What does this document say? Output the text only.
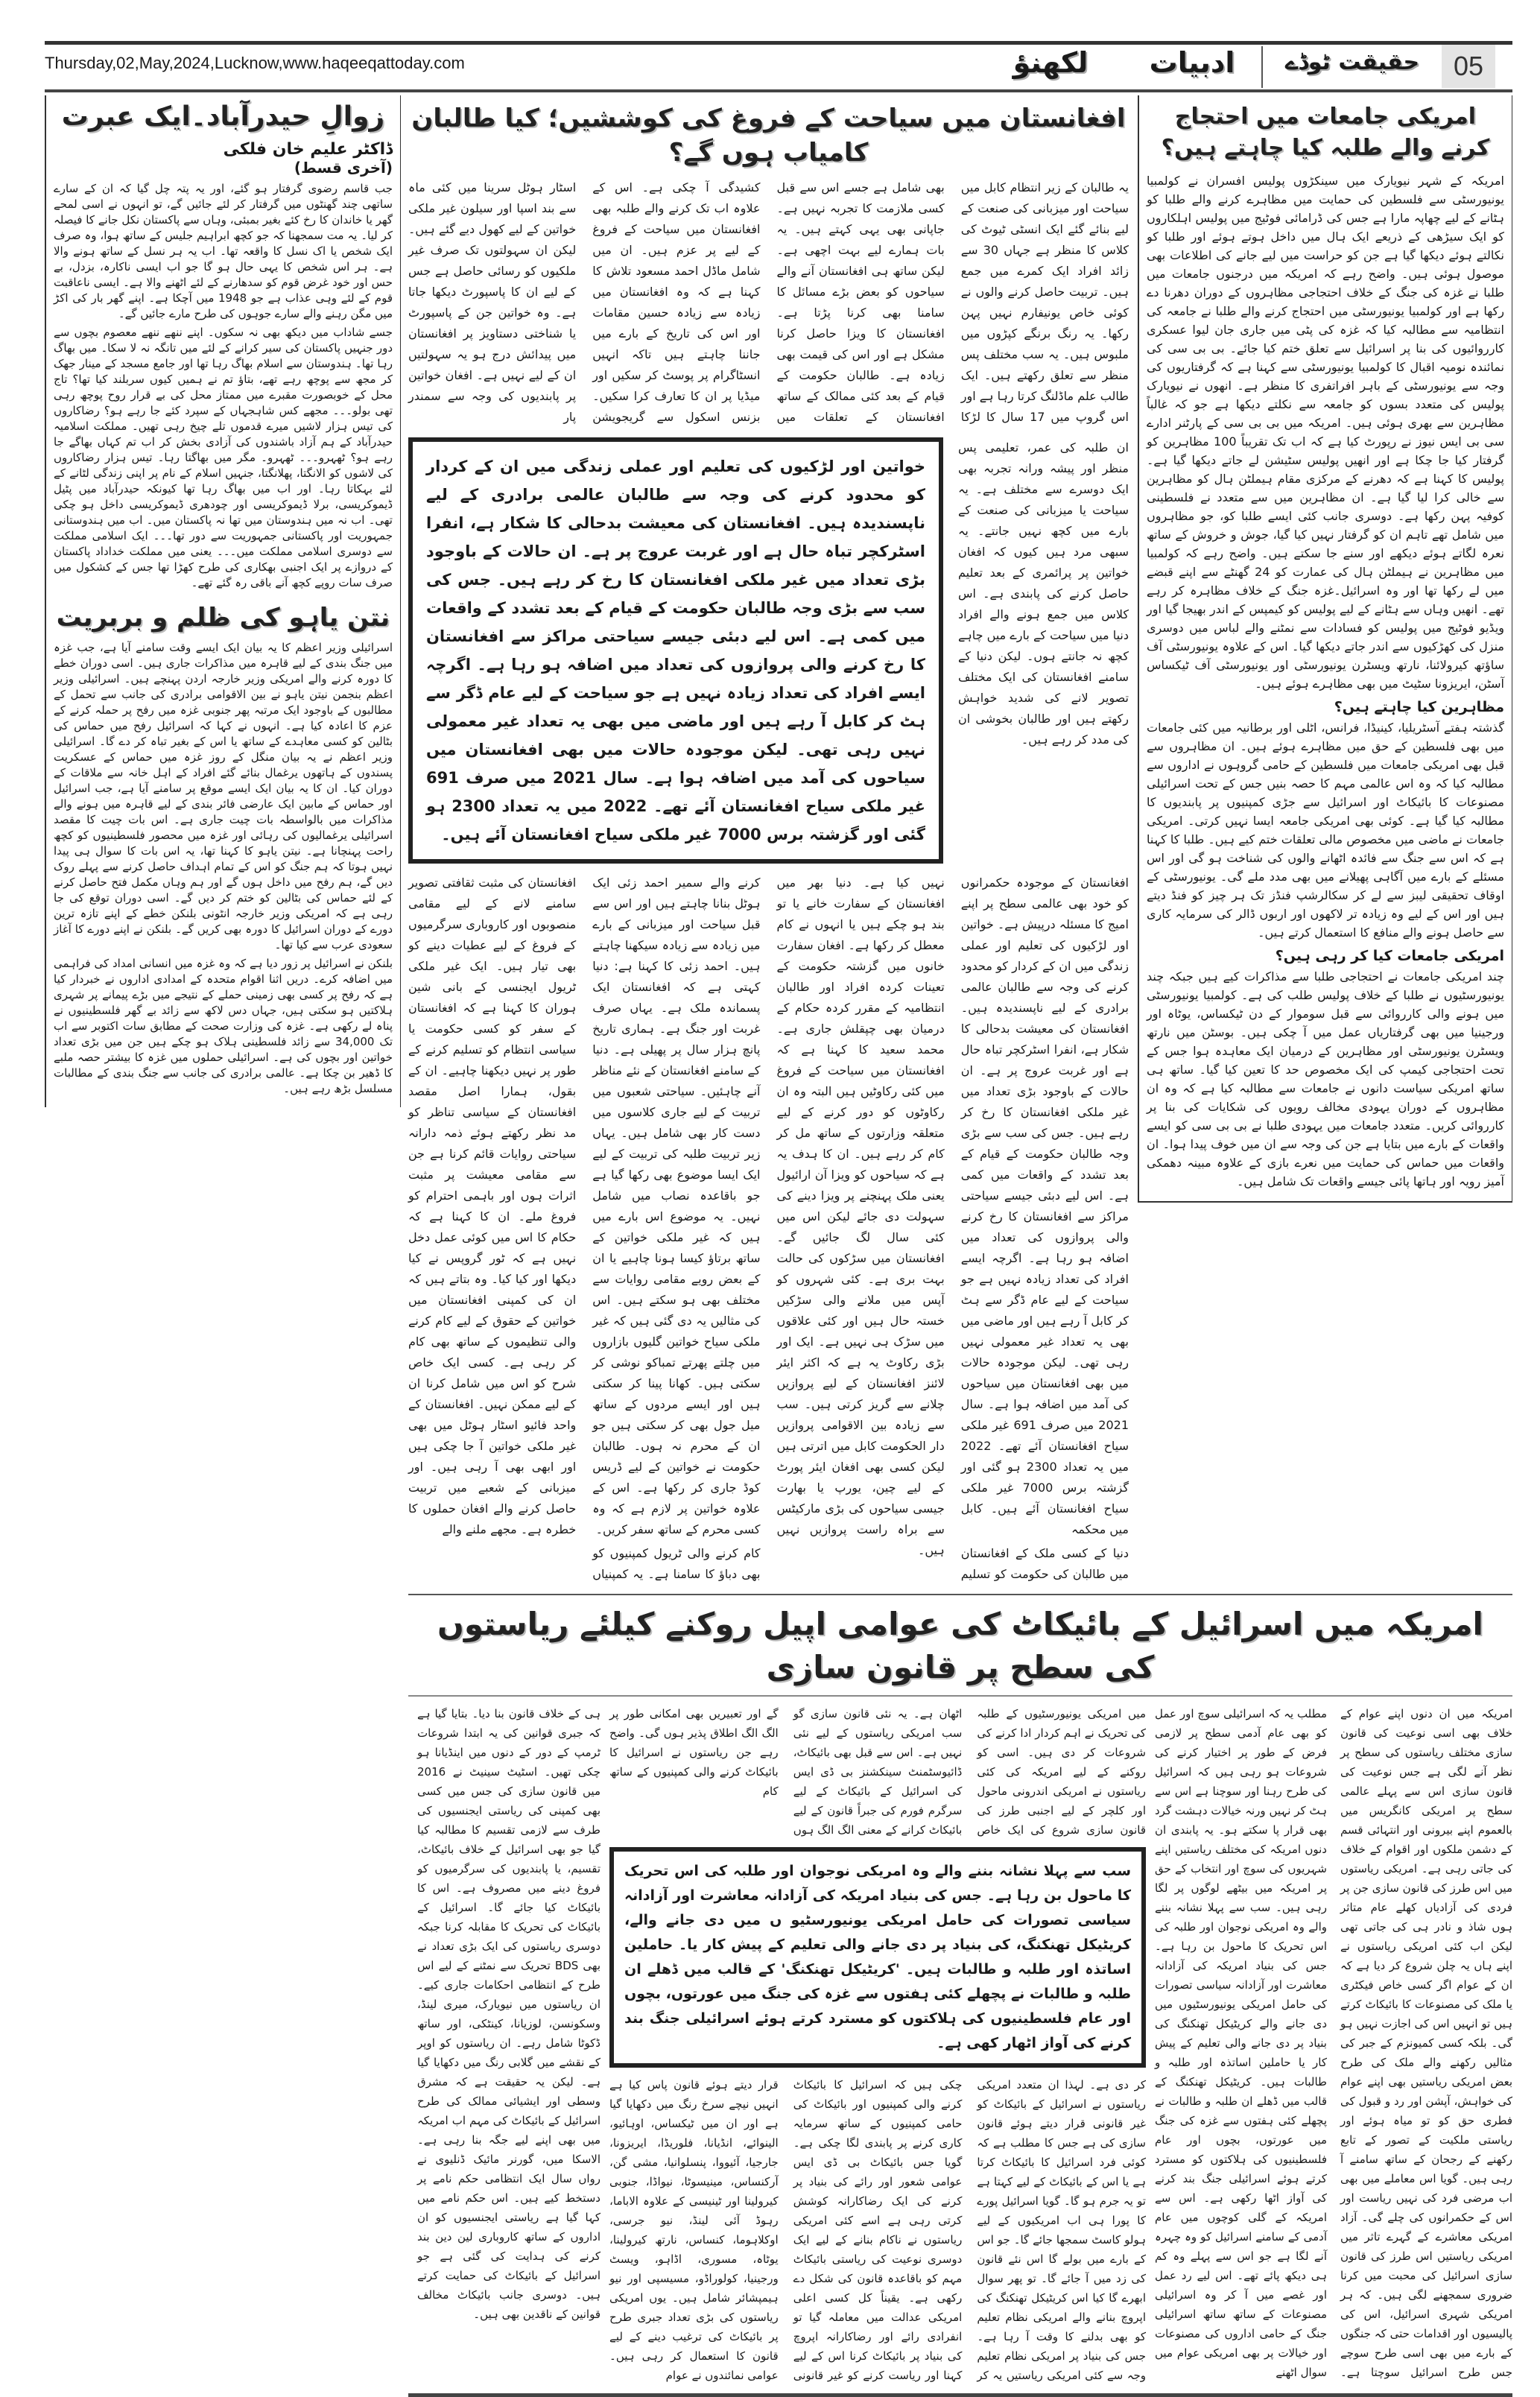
Thursday,02,May,2024,Lucknow,www.haqeeqattoday.com	لکھنؤ	ادبیات	حقیقت ٹوڈے	05
امریکی جامعات میں احتجاج
کرنے والے طلبہ کیا چاہتے ہیں؟

امریکہ کے شہر نیویارک میں سینکڑوں پولیس افسران نے کولمبیا یونیورسٹی سے فلسطین کی حمایت میں مظاہرے کرنے والے طلبا کو ہٹانے کے لیے چھاپہ مارا ہے جس کی ڈرامائی فوٹیج میں پولیس اہلکاروں کو ایک سیڑھی کے ذریعے ایک ہال میں داخل ہوتے ہوئے اور طلبا کو نکالتے ہوئے دیکھا گیا ہے جن کو حراست میں لیے جانے کی اطلاعات بھی موصول ہوئی ہیں۔ واضح رہے کہ امریکہ میں درجنوں جامعات میں طلبا نے غزہ کی جنگ کے خلاف احتجاجی مظاہروں کے دوران دھرنا دے رکھا ہے اور کولمبیا یونیورسٹی میں احتجاج کرنے والے طلبا نے جامعہ کی انتظامیہ سے مطالبہ کیا کہ غزہ کی پٹی میں جاری جان لیوا عسکری کارروائیوں کی بنا پر اسرائیل سے تعلق ختم کیا جائے۔ بی بی سی کی نمائندہ نومیہ اقبال کا کولمبیا یونیورسٹی سے کہنا ہے کہ گرفتاریوں کی وجہ سے یونیورسٹی کے باہر افراتفری کا منظر ہے۔ انھوں نے نیویارک پولیس کی متعدد بسوں کو جامعہ سے نکلتے دیکھا ہے جو کہ غالباً مظاہرین سے بھری ہوئی ہیں۔ امریکہ میں بی بی سی کے پارٹنر ادارے سی بی ایس نیوز نے رپورٹ کیا ہے کہ اب تک تقریباً 100 مظاہرین کو گرفتار کیا جا چکا ہے اور انھیں پولیس سٹیشن لے جاتے دیکھا گیا ہے۔ پولیس کا کہنا ہے کہ دھرنے کے مرکزی مقام ہیملٹن ہال کو مظاہرین سے خالی کرا لیا گیا ہے۔ ان مظاہرین میں سے متعدد نے فلسطینی کوفیہ پہن رکھا ہے۔ دوسری جانب کئی ایسے طلبا کو، جو مظاہروں میں شامل تھے تاہم ان کو گرفتار نہیں کیا گیا، جوش و خروش کے ساتھ نعرہ لگاتے ہوئے دیکھے اور سنے جا سکتے ہیں۔ واضح رہے کہ کولمبیا میں مظاہرین نے ہیملٹن ہال کی عمارت کو 24 گھنٹے سے اپنے قبضے میں لے رکھا تھا اور وہ اسرائیل۔غزہ جنگ کے خلاف مظاہرہ کر رہے تھے۔ انھیں وہاں سے ہٹانے کے لیے پولیس کو کیمپس کے اندر بھیجا گیا اور ویڈیو فوٹیج میں پولیس کو فسادات سے نمٹنے والے لباس میں دوسری منزل کی کھڑکیوں سے اندر جاتے دیکھا گیا۔ اس کے علاوہ یونیورسٹی آف ساؤتھ کیرولائنا، نارتھ ویسٹرن یونیورسٹی اور یونیورسٹی آف ٹیکساس آسٹن، ایریزونا سٹیٹ میں بھی مظاہرے ہوئے ہیں۔

مظاہرین کیا چاہتے ہیں؟

گذشتہ ہفتے آسٹریلیا، کینیڈا، فرانس، اٹلی اور برطانیہ میں کئی جامعات میں بھی فلسطین کے حق میں مظاہرے ہوئے ہیں۔ ان مظاہروں سے قبل بھی امریکی جامعات میں فلسطین کے حامی گروہوں نے اداروں سے مطالبہ کیا کہ وہ اس عالمی مہم کا حصہ بنیں جس کے تحت اسرائیلی مصنوعات کا بائیکاٹ اور اسرائیل سے جڑی کمپنیوں پر پابندیوں کا مطالبہ کیا گیا ہے۔ کوئی بھی امریکی جامعہ ایسا نہیں کرتی۔ امریکی جامعات نے ماضی میں مخصوص مالی تعلقات ختم کیے ہیں۔ طلبا کا کہنا ہے کہ اس سے جنگ سے فائدہ اٹھانے والوں کی شناخت ہو گی اور اس مسئلے کے بارے میں آگاہی پھیلانے میں بھی مدد ملے گی۔ یونیورسٹی کے اوقاف تحقیقی لیبز سے لے کر سکالرشپ فنڈز تک ہر چیز کو فنڈ دیتے ہیں اور اس کے لیے وہ زیادہ تر لاکھوں اور اربوں ڈالر کی سرمایہ کاری سے حاصل ہونے والے منافع کا استعمال کرتے ہیں۔

امریکی جامعات کیا کر رہی ہیں؟

چند امریکی جامعات نے احتجاجی طلبا سے مذاکرات کیے ہیں جبکہ چند یونیورسٹیوں نے طلبا کے خلاف پولیس طلب کی ہے۔ کولمبیا یونیورسٹی میں ہونے والی کارروائی سے قبل سوموار کے دن ٹیکساس، یوٹاہ اور ورجینیا میں بھی گرفتاریاں عمل میں آ چکی ہیں۔ بوسٹن میں نارتھ ویسٹرن یونیورسٹی اور مظاہرین کے درمیان ایک معاہدہ ہوا جس کے تحت احتجاجی کیمپ کی ایک مخصوص حد کا تعین کیا گیا۔ ساتھ ہی ساتھ امریکی سیاست دانوں نے جامعات سے مطالبہ کیا ہے کہ وہ ان مظاہروں کے دوران یہودی مخالف رویوں کی شکایات کی بنا پر کارروائی کریں۔ متعدد جامعات میں یہودی طلبا نے بی بی سی کو ایسے واقعات کے بارے میں بتایا ہے جن کی وجہ سے ان میں خوف پیدا ہوا۔ ان واقعات میں حماس کی حمایت میں نعرے بازی کے علاوہ مبینہ دھمکی آمیز رویہ اور ہاتھا پائی جیسے واقعات تک شامل ہیں۔

افغانستان میں سیاحت کے فروغ کی کوششیں؛ کیا طالبان کامیاب ہوں گے؟

یہ طالبان کے زیر انتظام کابل میں سیاحت اور میزبانی کی صنعت کے لیے بنائے گئے ایک انسٹی ٹیوٹ کی کلاس کا منظر ہے جہاں 30 سے زائد افراد ایک کمرے میں جمع ہیں۔ تربیت حاصل کرنے والوں نے کوئی خاص یونیفارم نہیں پہن رکھا۔ یہ رنگ برنگے کپڑوں میں ملبوس ہیں۔ یہ سب مختلف پس منظر سے تعلق رکھتے ہیں۔ ایک طالب علم ماڈلنگ کرتا رہا ہے اور اس گروپ میں 17 سال کا لڑکا بھی شامل ہے جسے اس سے قبل کسی ملازمت کا تجربہ نہیں ہے۔ جاپانی بھی یہی کہتے ہیں۔ یہ بات ہمارے لیے بہت اچھی ہے۔ لیکن ساتھ ہی افغانستان آنے والے سیاحوں کو بعض بڑے مسائل کا سامنا بھی کرنا پڑتا ہے۔ افغانستان کا ویزا حاصل کرنا مشکل ہے اور اس کی قیمت بھی زیادہ ہے۔ طالبان حکومت کے قیام کے بعد کئی ممالک کے ساتھ افغانستان کے تعلقات میں کشیدگی آ چکی ہے۔ اس کے علاوہ اب تک کرنے والے طلبہ بھی افغانستان میں سیاحت کے فروغ کے لیے پر عزم ہیں۔ ان میں شامل ماڈل احمد مسعود تلاش کا کہنا ہے کہ وہ افغانستان میں زیادہ سے زیادہ حسین مقامات اور اس کی تاریخ کے بارے میں جاننا چاہتے ہیں تاکہ انہیں انسٹاگرام پر پوسٹ کر سکیں اور میڈیا پر ان کا تعارف کرا سکیں۔ بزنس اسکول سے گریجویشن اسٹار ہوٹل سرینا میں کئی ماہ سے بند اسپا اور سیلون غیر ملکی خواتین کے لیے کھول دیے گئے ہیں۔ لیکن ان سہولتوں تک صرف غیر ملکیوں کو رسائی حاصل ہے جس کے لیے ان کا پاسپورٹ دیکھا جاتا ہے۔ وہ خواتین جن کے پاسپورٹ یا شناختی دستاویز پر افغانستان میں پیدائش درج ہو یہ سہولتیں ان کے لیے نہیں ہے۔ افغان خواتین پر پابندیوں کی وجہ سے سمندر پار

ان طلبہ کی عمر، تعلیمی پس منظر اور پیشہ ورانہ تجربہ بھی ایک دوسرے سے مختلف ہے۔ یہ سیاحت یا میزبانی کی صنعت کے بارے میں کچھ نہیں جانتے۔ یہ سبھی مرد ہیں کیوں کہ افغان خواتین پر پرائمری کے بعد تعلیم حاصل کرنے کی پابندی ہے۔ اس کلاس میں جمع ہونے والے افراد دنیا میں سیاحت کے بارے میں چاہے کچھ نہ جانتے ہوں۔ لیکن دنیا کے سامنے افغانستان کی ایک مختلف تصویر لانے کی شدید خواہش رکھتے ہیں اور طالبان بخوشی ان کی مدد کر رہے ہیں۔

خواتین اور لڑکیوں کی تعلیم اور عملی زندگی میں ان کے کردار کو محدود کرنے کی وجہ سے طالبان عالمی برادری کے لیے ناپسندیدہ ہیں۔ افغانستان کی معیشت بدحالی کا شکار ہے، انفرا اسٹرکچر تباہ حال ہے اور غربت عروج پر ہے۔ ان حالات کے باوجود بڑی تعداد میں غیر ملکی افغانستان کا رخ کر رہے ہیں۔ جس کی سب سے بڑی وجہ طالبان حکومت کے قیام کے بعد تشدد کے واقعات میں کمی ہے۔ اس لیے دبئی جیسے سیاحتی مراکز سے افغانستان کا رخ کرنے والی پروازوں کی تعداد میں اضافہ ہو رہا ہے۔ اگرچہ ایسے افراد کی تعداد زیادہ نہیں ہے جو سیاحت کے لیے عام ڈگر سے ہٹ کر کابل آ رہے ہیں اور ماضی میں بھی یہ تعداد غیر معمولی نہیں رہی تھی۔ لیکن موجودہ حالات میں بھی افغانستان میں سیاحوں کی آمد میں اضافہ ہوا ہے۔ سال 2021 میں صرف 691 غیر ملکی سیاح افغانستان آئے تھے۔ 2022 میں یہ تعداد 2300 ہو گئی اور گزشتہ برس 7000 غیر ملکی سیاح افغانستان آئے ہیں۔

افغانستان کے موجودہ حکمرانوں کو خود بھی عالمی سطح پر اپنے امیج کا مسئلہ درپیش ہے۔ خواتین اور لڑکیوں کی تعلیم اور عملی زندگی میں ان کے کردار کو محدود کرنے کی وجہ سے طالبان عالمی برادری کے لیے ناپسندیدہ ہیں۔ افغانستان کی معیشت بدحالی کا شکار ہے، انفرا اسٹرکچر تباہ حال ہے اور غربت عروج پر ہے۔ ان حالات کے باوجود بڑی تعداد میں غیر ملکی افغانستان کا رخ کر رہے ہیں۔ جس کی سب سے بڑی وجہ طالبان حکومت کے قیام کے بعد تشدد کے واقعات میں کمی ہے۔ اس لیے دبئی جیسے سیاحتی مراکز سے افغانستان کا رخ کرنے والی پروازوں کی تعداد میں اضافہ ہو رہا ہے۔ اگرچہ ایسے افراد کی تعداد زیادہ نہیں ہے جو سیاحت کے لیے عام ڈگر سے ہٹ کر کابل آ رہے ہیں اور ماضی میں بھی یہ تعداد غیر معمولی نہیں رہی تھی۔ لیکن موجودہ حالات میں بھی افغانستان میں سیاحوں کی آمد میں اضافہ ہوا ہے۔ سال 2021 میں صرف 691 غیر ملکی سیاح افغانستان آئے تھے۔ 2022 میں یہ تعداد 2300 ہو گئی اور گزشتہ برس 7000 غیر ملکی سیاح افغانستان آئے ہیں۔ کابل میں محکمہ

دنیا کے کسی ملک کے افغانستان میں طالبان کی حکومت کو تسلیم نہیں کیا ہے۔ دنیا بھر میں افغانستان کے سفارت خانے یا تو بند ہو چکے ہیں یا انہوں نے کام معطل کر رکھا ہے۔ افغان سفارت خانوں میں گزشتہ حکومت کے تعینات کردہ افراد اور طالبان انتظامیہ کے مقرر کردہ حکام کے درمیان بھی چپقلش جاری ہے۔ محمد سعید کا کہنا ہے کہ افغانستان میں سیاحت کے فروغ میں کئی رکاوٹیں ہیں البتہ وہ ان رکاوٹوں کو دور کرنے کے لیے متعلقہ وزارتوں کے ساتھ مل کر کام کر رہے ہیں۔ ان کا ہدف یہ ہے کہ سیاحوں کو ویزا آن ارائیول یعنی ملک پہنچنے پر ویزا دینے کی سہولت دی جائے لیکن اس میں کئی سال لگ جائیں گے۔ افغانستان میں سڑکوں کی حالت بہت بری ہے۔ کئی شہروں کو آپس میں ملانے والی سڑکیں خستہ حال ہیں اور کئی علاقوں میں سڑک ہی نہیں ہے۔ ایک اور بڑی رکاوٹ یہ ہے کہ اکثر ایئر لائنز افغانستان کے لیے پروازیں چلانے سے گریز کرتی ہیں۔ سب سے زیادہ بین الاقوامی پروازیں دار الحکومت کابل میں اترتی ہیں لیکن کسی بھی افغان ایئر پورٹ کے لیے چین، یورپ یا بھارت جیسی سیاحوں کی بڑی مارکیٹس سے براہ راست پروازیں نہیں ہیں۔

کرنے والے سمیر احمد زئی ایک ہوٹل بنانا چاہتے ہیں اور اس سے قبل سیاحت اور میزبانی کے بارے میں زیادہ سے زیادہ سیکھنا چاہتے ہیں۔ احمد زئی کا کہنا ہے: دنیا کہتی ہے کہ افغانستان ایک پسماندہ ملک ہے۔ یہاں صرف غربت اور جنگ ہے۔ ہماری تاریخ پانچ ہزار سال پر پھیلی ہے۔ دنیا کے سامنے افغانستان کے نئے مناظر آنے چاہئیں۔ سیاحتی شعبوں میں تربیت کے لیے جاری کلاسوں میں دست کار بھی شامل ہیں۔ یہاں زیر تربیت طلبہ کی تربیت کے لیے ایک ایسا موضوع بھی رکھا گیا ہے جو باقاعدہ نصاب میں شامل نہیں۔ یہ موضوع اس بارے میں ہیں کہ غیر ملکی خواتین کے ساتھ برتاؤ کیسا ہونا چاہیے یا ان کے بعض رویے مقامی روایات سے مختلف بھی ہو سکتے ہیں۔ اس کی مثالیں یہ دی گئی ہیں کہ غیر ملکی سیاح خواتین گلیوں بازاروں میں چلتے پھرتے تمباکو نوشی کر سکتی ہیں۔ کھانا پینا کر سکتی ہیں اور ایسے مردوں کے ساتھ میل جول بھی کر سکتی ہیں جو ان کے محرم نہ ہوں۔ طالبان حکومت نے خواتین کے لیے ڈریس کوڈ جاری کر رکھا ہے۔ اس کے علاوہ خواتین پر لازم ہے کہ وہ کسی محرم کے ساتھ سفر کریں۔

کام کرنے والی ٹریول کمپنیوں کو بھی دباؤ کا سامنا ہے۔ یہ کمپنیاں افغانستان کی مثبت ثقافتی تصویر سامنے لانے کے لیے مقامی منصوبوں اور کاروباری سرگرمیوں کے فروغ کے لیے عطیات دینے کو بھی تیار ہیں۔ ایک غیر ملکی ٹریول ایجنسی کے بانی شین ہوران کا کہنا ہے کہ افغانستان کے سفر کو کسی حکومت یا سیاسی انتظام کو تسلیم کرنے کے طور پر نہیں دیکھنا چاہیے۔ ان کے بقول، ہمارا اصل مقصد افغانستان کے سیاسی تناظر کو مد نظر رکھتے ہوئے ذمہ دارانہ سیاحتی روایات قائم کرنا ہے جن سے مقامی معیشت پر مثبت اثرات ہوں اور باہمی احترام کو فروغ ملے۔ ان کا کہنا ہے کہ حکام کا اس میں کوئی عمل دخل نہیں ہے کہ ٹور گروپس نے کیا دیکھا اور کیا کیا۔ وہ بتاتے ہیں کہ ان کی کمپنی افغانستان میں خواتین کے حقوق کے لیے کام کرنے والی تنظیموں کے ساتھ بھی کام کر رہی ہے۔ کسی ایک خاص شرح کو اس میں شامل کرنا ان کے لیے ممکن نہیں۔ افغانستان کے واحد فائیو اسٹار ہوٹل میں بھی غیر ملکی خواتین آ جا چکی ہیں اور ابھی بھی آ رہی ہیں۔ اور میزبانی کے شعبے میں تربیت حاصل کرنے والے افغان حملوں کا خطرہ ہے۔ مجھے ملنے والے

امریکہ میں اسرائیل کے بائیکاٹ کی عوامی اپیل روکنے کیلئے ریاستوں کی سطح پر قانون سازی

امریکہ میں ان دنوں اپنے عوام کے خلاف بھی اسی نوعیت کی قانون سازی مختلف ریاستوں کی سطح پر نظر آنے لگی ہے جس نوعیت کی قانون سازی اس سے پہلے عالمی سطح پر امریکی کانگریس میں بالعموم اپنے بیرونی اور انتہائی قسم کے دشمن ملکوں اور اقوام کے خلاف کی جاتی رہی ہے۔ امریکی ریاستوں میں اس طرز کی قانون سازی جن پر فردی کی آزادیاں کھلے عام متاثر ہوں شاذ و نادر ہی کی جاتی تھی لیکن اب کئی امریکی ریاستوں نے اپنے ہاں یہ چلن شروع کر دیا ہے کہ ان کے عوام اگر کسی خاص فیکٹری یا ملک کی مصنوعات کا بائیکاٹ کرتے ہیں تو انہیں اس کی اجازت نہیں ہو گی۔ بلکہ کسی کمیونزم کے جبر کی مثالیں رکھنے والے ملک کی طرح بعض امریکی ریاستیں بھی اپنے عوام کی خواہش، آپشن اور رد و قبول کی فطری حق کو تو میاہ ہوئے اور ریاستی ملکیت کے تصور کے تابع رکھنے کے رجحان کے ساتھ سامنے آ رہی ہیں۔ گویا اس معاملے میں بھی اب مرضی فرد کی نہیں ریاست اور اس کے حکمرانوں کی چلے گی۔ آزاد امریکی معاشرے کے گہرے تاثر میں امریکی ریاستیں اس طرز کی قانون سازی اسرائیل کی محبت میں کرنا ضروری سمجھنے لگی ہیں۔ کہ ہر امریکی شہری اسرائیل، اس کی پالیسیوں اور اقدامات حتی کہ جنگوں کے بارے میں بھی اسی طرح سوچے جس طرح اسرائیل سوچتا ہے۔ مطلب یہ کہ اسرائیلی سوچ اور عمل کو بھی عام آدمی سطح پر لازمی فرض کے طور پر اختیار کرنے کی شروعات ہو رہی ہیں کہ اسرائیل کی طرح رہنا اور سوچنا ہے اس سے ہٹ کر نہیں ورنہ خیالات دہشت گرد بھی قرار پا سکتے ہو۔ یہ پابندی ان دنوں امریکہ کی مختلف ریاستیں اپنے شہریوں کی سوچ اور انتخاب کے حق پر امریکہ میں بیٹھے لوگوں پر لگا رہی ہیں۔ سب سے پہلا نشانہ بننے والے وہ امریکی نوجوان اور طلبہ کی اس تحریک کا ماحول بن رہا ہے۔ جس کی بنیاد امریکہ کی آزادانہ معاشرت اور آزادانہ سیاسی تصورات کی حامل امریکی یونیورسٹیوں میں دی جانے والے کریٹیکل تھنکنگ کی بنیاد پر دی جانے والی تعلیم کے پیش کار یا حاملین اساتذہ اور طلبہ و طالبات ہیں۔ کریٹیکل تھنکنگ کے قالب میں ڈھلے ان طلبہ و طالبات نے پچھلے کئی ہفتوں سے غزہ کی جنگ میں عورتوں، بچوں اور عام فلسطینیوں کی ہلاکتوں کو مسترد کرتے ہوئے اسرائیلی جنگ بند کرنے کی آواز اٹھا رکھی ہے۔ اس سے امریکہ کے گلی کوچوں میں عام آدمی کے سامنے اسرائیل کو وہ چہرہ آنے لگا ہے جو اس سے پہلے وہ کم ہی دیکھ پائے تھے۔ اس لیے رد عمل اور غصے میں آ کر وہ اسرائیلی مصنوعات کے ساتھ ساتھ اسرائیلی جنگ کے حامی اداروں کی مصنوعات اور خیالات پر بھی امریکی عوام میں سوال اٹھنے

میں امریکی یونیورسٹیوں کے طلبہ کی تحریک نے اہم کردار ادا کرنے کی شروعات کر دی ہیں۔ اسی کو روکنے کے لیے امریکہ کی کئی ریاستوں نے امریکی اندرونی ماحول اور کلچر کے لیے اجنبی طرز کی قانون سازی شروع کی ایک خاص اٹھان ہے۔ یہ نئی قانون سازی گو سب امریکی ریاستوں کے لیے نئی نہیں ہے۔ اس سے قبل بھی بائیکاٹ، ڈائیوسٹمنٹ سینکشنز بی ڈی ایس کی اسرائیل کے بائیکاٹ کے لیے سرگرم فورم کی جبراً قانون کے لیے بائیکاٹ کرانے کے معنی الگ الگ ہوں گے اور تعبیریں بھی امکانی طور پر الگ الگ اطلاق پذیر ہوں گی۔ واضح رہے جن ریاستوں نے اسرائیل کا بائیکاٹ کرنے والی کمپنیوں کے ساتھ کام

سب سے پہلا نشانہ بننے والے وہ امریکی نوجوان اور طلبہ کی اس تحریک کا ماحول بن رہا ہے۔ جس کی بنیاد امریکہ کی آزادانہ معاشرت اور آزادانہ سیاسی تصورات کی حامل امریکی یونیورسٹیو ں میں دی جانے والے، کریٹیکل تھنکنگ، کی بنیاد پر دی جانے والی تعلیم کے پیش کار یا۔ حاملین اساتذہ اور طلبہ و طالبات ہیں۔ 'کریٹیکل تھنکنگ' کے قالب میں ڈھلے ان طلبہ و طالبات نے پچھلے کئی ہفتوں سے غزہ کی جنگ میں عورتوں، بچوں اور عام فلسطینیوں کی ہلاکتوں کو مسترد کرتے ہوئے اسرائیلی جنگ بند کرنے کی آواز اٹھار کھی ہے۔

کر دی ہے۔ لہذا ان متعدد امریکی ریاستوں نے اسرائیل کے بائیکاٹ کو غیر قانونی قرار دیتے ہوئے قانون سازی کی ہے جس کا مطلب ہے کہ کوئی فرد اسرائیل کا بائیکاٹ کرتا ہے یا اس کے بائیکاٹ کے لیے کہتا ہے تو یہ جرم ہو گا۔ گویا اسرائیل پورے کا پورا ہی اب امریکیوں کے لیے ہولو کاسٹ سمجھا جائے گا۔ جو اس کے بارے میں بولے گا اس نئے قانون کی زد میں آ جائے گا۔ تو پھر سوال ابھرے گا کیا اس کریٹیکل تھنکنگ کی اپروچ بنانے والے امریکی نظام تعلیم کو بھی بدلنے کا وقت آ رہا ہے۔ جس کی بنیاد پر امریکی نظام تعلیم وجہ سے کئی امریکی ریاستیں یہ کر چکی ہیں کہ اسرائیل کا بائیکاٹ کرنے والی کمپنیوں اور بائیکاٹ کی حامی کمپنیوں کے ساتھ سرمایہ کاری کرنے پر پابندی لگا چکی ہے۔ گویا جس بائیکاٹ بی ڈی ایس عوامی شعور اور رائے کی بنیاد پر کرنے کی ایک رضاکارانہ کوشش کرتی رہی ہے اسے کئی امریکی ریاستوں نے ناکام بنانے کے لیے ایک دوسری نوعیت کی ریاستی بائیکاٹ مہم کو باقاعدہ قانون کی شکل دے رکھی ہے۔ یقیناً کل کسی اعلی امریکی عدالت میں معاملہ گیا تو انفرادی رائے اور رضاکارانہ اپروچ کی بنیاد پر بائیکاٹ کرنا اس کے لیے کہنا اور ریاست کرنے کو غیر قانونی قرار دیتے ہوئے قانون پاس کیا ہے انہیں نیچے سرخ رنگ میں دکھایا گیا ہے اور ان میں ٹیکساس، اوہائیو، الینوائے، انڈیانا، فلوریڈا، ایریزونا، جارجیا، آئیووا، پنسلوانیا، مشی گن، آرکنساس، مینیسوٹا، نیواڈا، جنوبی کیرولینا اور ٹینیسی کے علاوہ الاباما، رہوڈ آئی لینڈ، نیو جرسی، اوکلاہوما، کنساس، نارتھ کیرولینا، یوٹاہ، مسوری، اڈاہو، ویسٹ ورجینیا، کولوراڈو، مسیسپی اور نیو ہیمپشائر شامل ہیں۔ یوں امریکی ریاستوں کی بڑی تعداد جبری طرح پر بائیکاٹ کی ترغیب دینے کے لیے قانون کا استعمال کر رہی ہیں۔ عوامی نمائندوں نے عوام

ہی کے خلاف قانون بنا دیا۔ بتایا گیا ہے کہ جبری قوانین کی یہ ابتدا شروعات ٹرمپ کے دور کے دنوں میں اینڈیانا ہو چکی تھیں۔ اسٹیٹ سینیٹ نے 2016 میں قانون سازی کی جس میں کسی بھی کمپنی کی ریاستی ایجنسیوں کی طرف سے لازمی تقسیم کا مطالبہ کیا گیا جو بھی اسرائیل کے خلاف بائیکاٹ، تقسیم، یا پابندیوں کی سرگرمیوں کو فروغ دینے میں مصروف ہے۔ اس کا بائیکاٹ کیا جائے گا۔ اسرائیل کے بائیکاٹ کی تحریک کا مقابلہ کرنا جبکہ دوسری ریاستوں کی ایک بڑی تعداد نے بھی BDS تحریک سے نمٹنے کے لیے اس طرح کے انتظامی احکامات جاری کیے۔ ان ریاستوں میں نیویارک، میری لینڈ، وسکونسن، لوزیانا، کینٹکی، اور ساتھ ڈکوٹا شامل رہے۔ ان ریاستوں کو اوپر کے نقشے میں گلابی رنگ میں دکھایا گیا ہے۔ لیکن یہ حقیقت ہے کہ مشرق وسطی اور ایشیائی ممالک کی طرح اسرائیل کے بائیکاٹ کی مہم اب امریکہ میں بھی اپنے لیے جگہ بنا رہی ہے۔ الاسکا میں، گورنر مائیک ڈنلیوی نے رواں سال ایک انتظامی حکم نامے پر دستخط کیے ہیں۔ اس حکم نامے میں کہا گیا ہے ریاستی ایجنسیوں کو ان اداروں کے ساتھ کاروباری لین دین بند کرنے کی ہدایت کی گئی ہے جو اسرائیل کے بائیکاٹ کی حمایت کرتے ہیں۔ دوسری جانب بائیکاٹ مخالف قوانین کے ناقدین بھی ہیں۔

زوالِ حیدرآباد۔ایک عبرت
ڈاکٹر علیم خان فلکی
(آخری قسط)

جب قاسم رضوی گرفتار ہو گئے، اور یہ پتہ چل گیا کہ ان کے سارے ساتھی چند گھنٹوں میں گرفتار کر لئے جائیں گے، تو انہوں نے اسی لمحے گھر یا خاندان کا رخ کئے بغیر بمبئی، وہاں سے پاکستان نکل جانے کا فیصلہ کر لیا۔ یہ مت سمجھنا کہ جو کچھ ابراہیم جلیس کے ساتھ ہوا، وہ صرف ایک شخص یا اک نسل کا واقعہ تھا۔ اب یہ ہر نسل کے ساتھ ہونے والا ہے۔ ہر اس شخص کا یہی حال ہو گا جو اب ایسی ناکارہ، بزدل، بے حس اور خود غرض قوم کو سدھارنے کے لئے اٹھنے والا ہے۔ ایسی ناعاقبت قوم کے لئے وہی عذاب ہے جو 1948 میں آچکا ہے۔ اپنے گھر بار کی اکڑ میں مگن رہنے والے سارے جوہوں کی طرح مارے جائیں گے۔

جسے شاداب میں دیکھ بھی نہ سکوں۔ اپنے ننھے ننھے معصوم بچوں سے دور جنہیں پاکستان کی سیر کرانے کے لئے میں تانگہ نہ لا سکا۔ میں بھاگ رہا تھا۔ ہندوستان سے اسلام بھاگ رہا تھا اور جامع مسجد کے مینار جھک کر مجھ سے پوچھ رہے تھے، بتاؤ تم نے ہمیں کیوں سربلند کیا تھا؟ تاج محل کے خوبصورت مقبرے میں ممتاز محل کی بے قرار روح پوچھ رہی تھی بولو۔۔۔ مجھے کس شاہجہاں کے سپرد کئے جا رہے ہو؟ رضاکاروں کی تیس ہزار لاشیں میرے قدموں تلے چیخ رہی تھیں۔ مملکت اسلامیہ حیدرآباد کے ہم آزاد باشندوں کی آزادی بخش کر اب تم کہاں بھاگے جا رہے ہو؟ ٹھہرو۔۔۔ ٹھہرو۔ مگر میں بھاگتا رہا۔ تیس ہزار رضاکاروں کی لاشوں کو الانگتا، پھلانگتا، جنہیں اسلام کے نام پر اپنی زندگی لٹانے کے لئے بہکاتا رہا۔ اور اب میں بھاگ رہا تھا کیونکہ حیدرآباد میں پٹیل ڈیموکریسی، برلا ڈیموکریسی اور چودھری ڈیموکریسی داخل ہو چکی تھی۔ اب نہ میں ہندوستان میں تھا نہ پاکستان میں۔ اب میں ہندوستانی جمہوریت اور پاکستانی جمہوریت سے دور تھا۔۔۔ ایک اسلامی مملکت سے دوسری اسلامی مملکت میں۔۔۔ یعنی میں مملکت خداداد پاکستان کے دروازے پر ایک اجنبی بھکاری کی طرح کھڑا تھا جس کے کشکول میں صرف سات روپے کچھ آنے باقی رہ گئے تھے۔

نتن یاہو کی ظلم و بربریت

اسرائیلی وزیر اعظم کا یہ بیان ایک ایسے وقت سامنے آیا ہے، جب غزہ میں جنگ بندی کے لیے قاہرہ میں مذاکرات جاری ہیں۔ اسی دوران خطے کا دورہ کرنے والے امریکی وزیر خارجہ اردن پہنچے ہیں۔ اسرائیلی وزیر اعظم بنجمن نیتن یاہو نے بین الاقوامی برادری کی جانب سے تحمل کے مطالبوں کے باوجود ایک مرتبہ پھر جنوبی غزہ میں رفح پر حملہ کرنے کے عزم کا اعادہ کیا ہے۔ انہوں نے کہا کہ اسرائیل رفح میں حماس کی بٹالین کو کسی معاہدے کے ساتھ یا اس کے بغیر تباہ کر دے گا۔ اسرائیلی وزیر اعظم نے یہ بیان منگل کے روز غزہ میں حماس کے عسکریت پسندوں کے ہاتھوں یرغمال بنائے گئے افراد کے اہل خانہ سے ملاقات کے دوران کیا۔ ان کا یہ بیان ایک ایسے موقع پر سامنے آیا ہے، جب اسرائیل اور حماس کے مابین ایک عارضی فائر بندی کے لیے قاہرہ میں ہونے والے مذاکرات میں بالواسطہ بات چیت جاری ہے۔ اس بات چیت کا مقصد اسرائیلی یرغمالیوں کی رہائی اور غزہ میں محصور فلسطینیوں کو کچھ راحت پہنچانا ہے۔ نیتن یاہو کا کہنا تھا، یہ اس بات کا سوال ہی پیدا نہیں ہوتا کہ ہم جنگ کو اس کے تمام اہداف حاصل کرنے سے پہلے روک دیں گے، ہم رفح میں داخل ہوں گے اور ہم وہاں مکمل فتح حاصل کرنے کے لئے حماس کی بٹالین کو ختم کر دیں گے۔ اسی دوران توقع کی جا رہی ہے کہ امریکی وزیر خارجہ انٹونی بلنکن خطے کے اپنے تازہ ترین دورے کے دوران اسرائیل کا دورہ بھی کریں گے۔ بلنکن نے اپنے دورے کا آغاز سعودی عرب سے کیا تھا۔

بلنکن نے اسرائیل پر زور دیا ہے کہ وہ غزہ میں انسانی امداد کی فراہمی میں اضافہ کرے۔ دریں اثنا اقوام متحدہ کے امدادی اداروں نے خبردار کیا ہے کہ رفح پر کسی بھی زمینی حملے کے نتیجے میں بڑے پیمانے پر شہری ہلاکتیں ہو سکتی ہیں، جہاں دس لاکھ سے زائد بے گھر فلسطینیوں نے پناہ لے رکھی ہے۔ غزہ کی وزارت صحت کے مطابق سات اکتوبر سے اب تک 34,000 سے زائد فلسطینی ہلاک ہو چکے ہیں جن میں بڑی تعداد خواتین اور بچوں کی ہے۔ اسرائیلی حملوں میں غزہ کا بیشتر حصہ ملبے کا ڈھیر بن چکا ہے۔ عالمی برادری کی جانب سے جنگ بندی کے مطالبات مسلسل بڑھ رہے ہیں۔
